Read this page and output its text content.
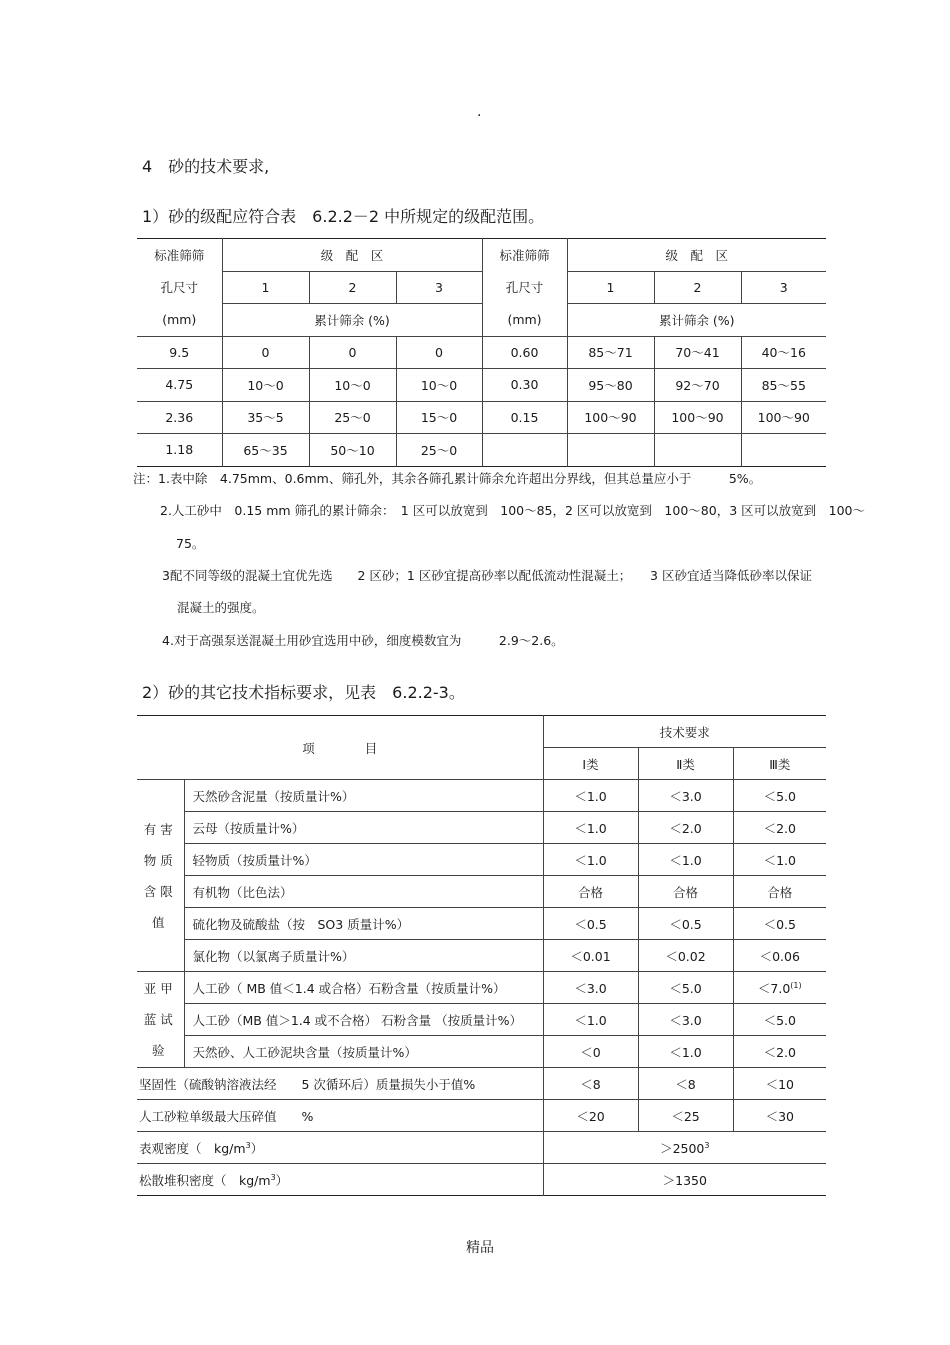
.
4　砂的技术要求,
1）砂的级配应符合表　6.2.2－2 中所规定的级配范围。
标准筛筛	级　配　区			标准筛筛	级　配　区		
孔尺寸	1	2	3	孔尺寸	1	2	3
(mm)	累计筛余 (%)			(mm)	累计筛余 (%)		
9.5	0	0	0	0.60	85～71	70～41	40～16
4.75	10～0	10～0	10～0	0.30	95～80	92～70	85～55
2.36	35～5	25～0	15～0	0.15	100～90	100～90	100～90
1.18	65～35	50～10	25～0				
注：1.表中除　4.75mm、0.6mm、筛孔外，其余各筛孔累计筛余允许超出分界线，但其总量应小于　　　5%。
2.人工砂中　0.15 mm 筛孔的累计筛余：　1 区可以放宽到　100～85，2 区可以放宽到　100～80，3 区可以放宽到　100～
75。
3配不同等级的混凝土宜优先选　　2 区砂；1 区砂宜提高砂率以配低流动性混凝土；　　3 区砂宜适当降低砂率以保证
混凝土的强度。
4.对于高强泵送混凝土用砂宜选用中砂，细度模数宜为　　　2.9～2.6。
2）砂的其它技术指标要求，见表　6.2.2-3。
项　　　　目		技术要求		
		Ⅰ类	Ⅱ类	Ⅲ类
有害物质含限值	天然砂含泥量（按质量计%）	＜1.0	＜3.0	＜5.0
	云母（按质量计%）	＜1.0	＜2.0	＜2.0
	轻物质（按质量计%）	＜1.0	＜1.0	＜1.0
	有机物（比色法）	合格	合格	合格
	硫化物及硫酸盐（按　SO3 质量计%）	＜0.5	＜0.5	＜0.5
	氯化物（以氯离子质量计%）	＜0.01	＜0.02	＜0.06
亚甲蓝试验	人工砂（ MB 值＜1.4 或合格）石粉含量（按质量计%）	＜3.0	＜5.0	$<7.0^{(1)}$
	人工砂（MB 值＞1.4 或不合格） 石粉含量 （按质量计%）	＜1.0	＜3.0	＜5.0
	天然砂、人工砂泥块含量（按质量计%）	＜0	＜1.0	＜2.0
坚固性（硫酸钠溶液法经　　5 次循环后）质量损失小于值%		＜8	＜8	＜10
人工砂粒单级最大压碎值　　%		＜20	＜25	＜30
表观密度（　$kg/m^3$）		$>2500^3$
松散堆积密度（　$kg/m^3$）		＞1350		
精品
